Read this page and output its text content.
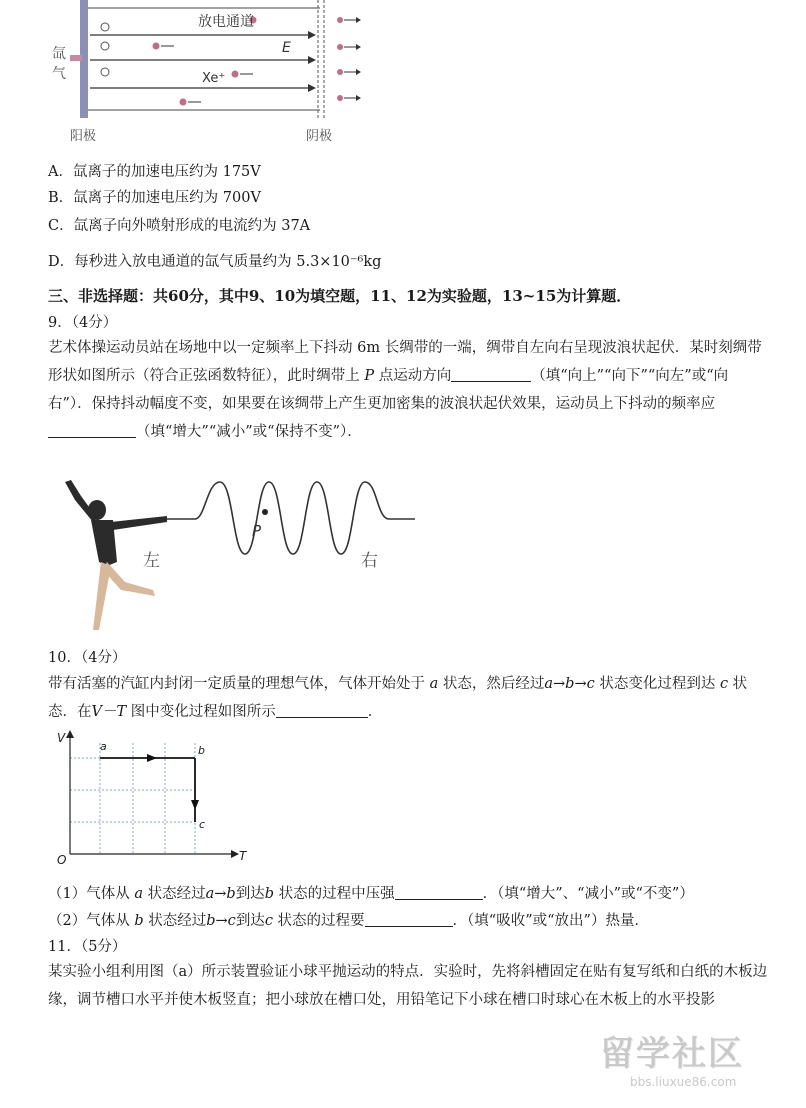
放电通道
氙
气
E
Xe⁺
阳极	阴极
A．氙离子的加速电压约为 175V
B．氙离子的加速电压约为 700V
C．氙离子向外喷射形成的电流约为 37A
D．每秒进入放电通道的氙气质量约为 5.3×10⁻⁶kg
三、非选择题：共60分，其中9、10为填空题，11、12为实验题，13~15为计算题．
9．（4分）
艺术体操运动员站在场地中以一定频率上下抖动 6m 长绸带的一端，绸带自左向右呈现波浪状起伏．某时刻绸带形状如图所示（符合正弦函数特征），此时绸带上 P 点运动方向	（填“向上”“向下”“向左”或“向右”）．保持抖动幅度不变，如果要在该绸带上产生更加密集的波浪状起伏效果，运动员上下抖动的频率应（填“增大”“减小”或“保持不变”）．
P
左	右
10．（4分）
带有活塞的汽缸内封闭一定质量的理想气体，气体开始处于 a 状态，然后经过a→b→c 状态变化过程到达 c 状态．在V－T 图中变化过程如图所示	．
V
T
O
a	b
c
（1）气体从 a 状态经过a→b到达b 状态的过程中压强	．（填“增大”、“减小”或“不变”）
（2）气体从 b 状态经过b→c到达c 状态的过程要	．（填“吸收”或“放出”）热量．
11．（5分）
某实验小组利用图（a）所示装置验证小球平抛运动的特点．实验时，先将斜槽固定在贴有复写纸和白纸的木板边缘，调节槽口水平并使木板竖直；把小球放在槽口处，用铅笔记下小球在槽口时球心在木板上的水平投影
留学社区
bbs.liuxue86.com
